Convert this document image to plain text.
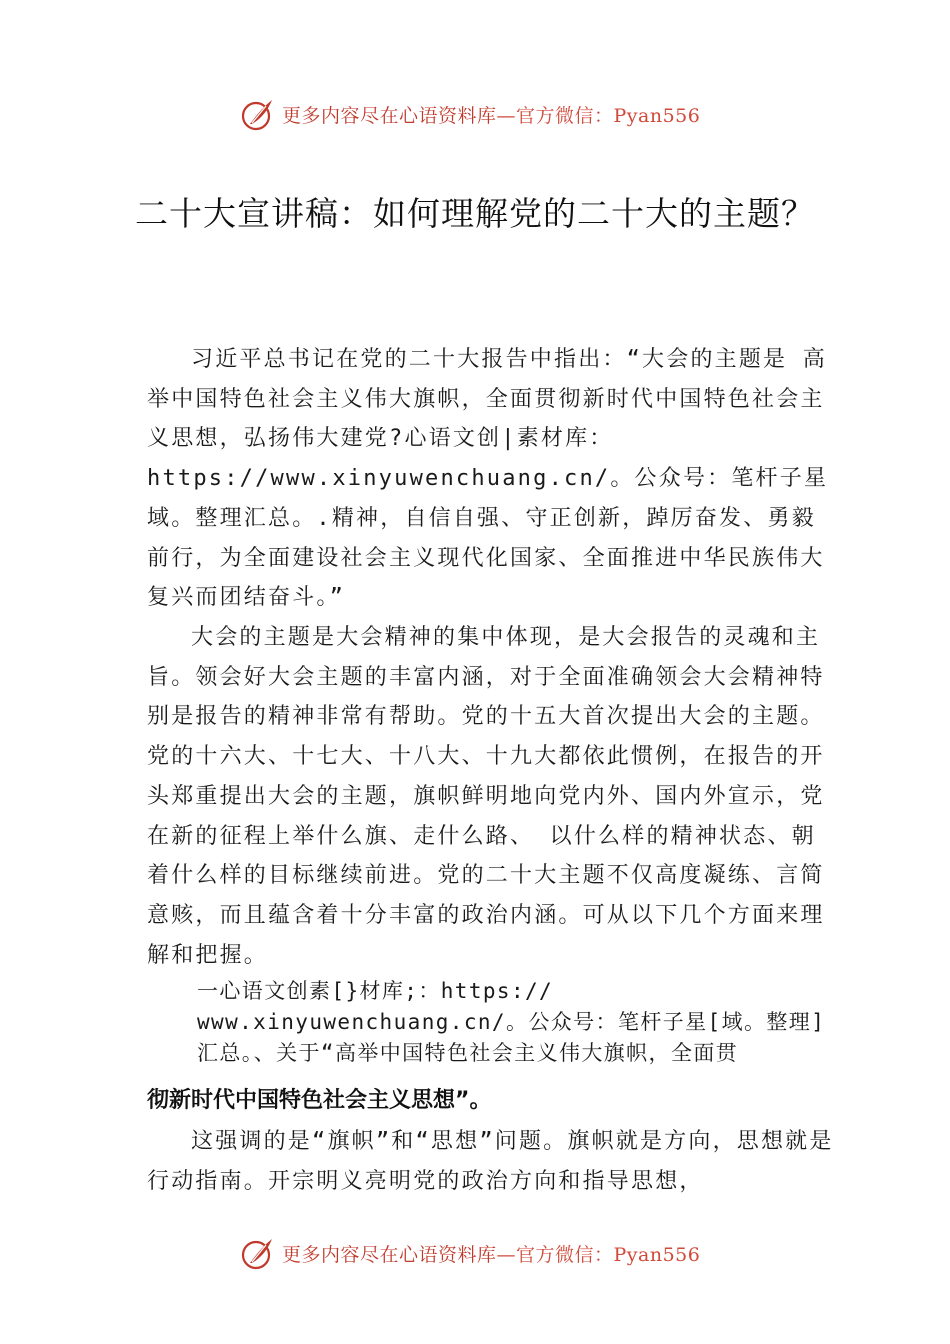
更多内容尽在心语资料库—官方微信：Pyan556
二十大宣讲稿：如何理解党的二十大的主题？

习近平总书记在党的二十大报告中指出：“大会的主题是 高举中国特色社会主义伟大旗帜，全面贯彻新时代中国特色社会主义思想，弘扬伟大建党?心语文创|素材库：https://www.xinyuwenchuang.cn/。公众号：笔杆子星域。整理汇总。.精神，自信自强、守正创新，踔厉奋发、勇毅前行，为全面建设社会主义现代化国家、全面推进中华民族伟大复兴而团结奋斗。”

大会的主题是大会精神的集中体现，是大会报告的灵魂和主旨。领会好大会主题的丰富内涵，对于全面准确领会大会精神特别是报告的精神非常有帮助。党的十五大首次提出大会的主题。党的十六大、十七大、十八大、十九大都依此惯例，在报告的开头郑重提出大会的主题，旗帜鲜明地向党内外、国内外宣示，党在新的征程上举什么旗、走什么路、 以什么样的精神状态、朝着什么样的目标继续前进。党的二十大主题不仅高度凝练、言简意赅，而且蕴含着十分丰富的政治内涵。可从以下几个方面来理解和把握。

一心语文创素[}材库;：https://
www.xinyuwenchuang.cn/。公众号：笔杆子星[域。整理]
汇总。、关于“高举中国特色社会主义伟大旗帜，全面贯
彻新时代中国特色社会主义思想”。

这强调的是“旗帜”和“思想”问题。旗帜就是方向，思想就是行动指南。开宗明义亮明党的政治方向和指导思想，

更多内容尽在心语资料库—官方微信：Pyan556
